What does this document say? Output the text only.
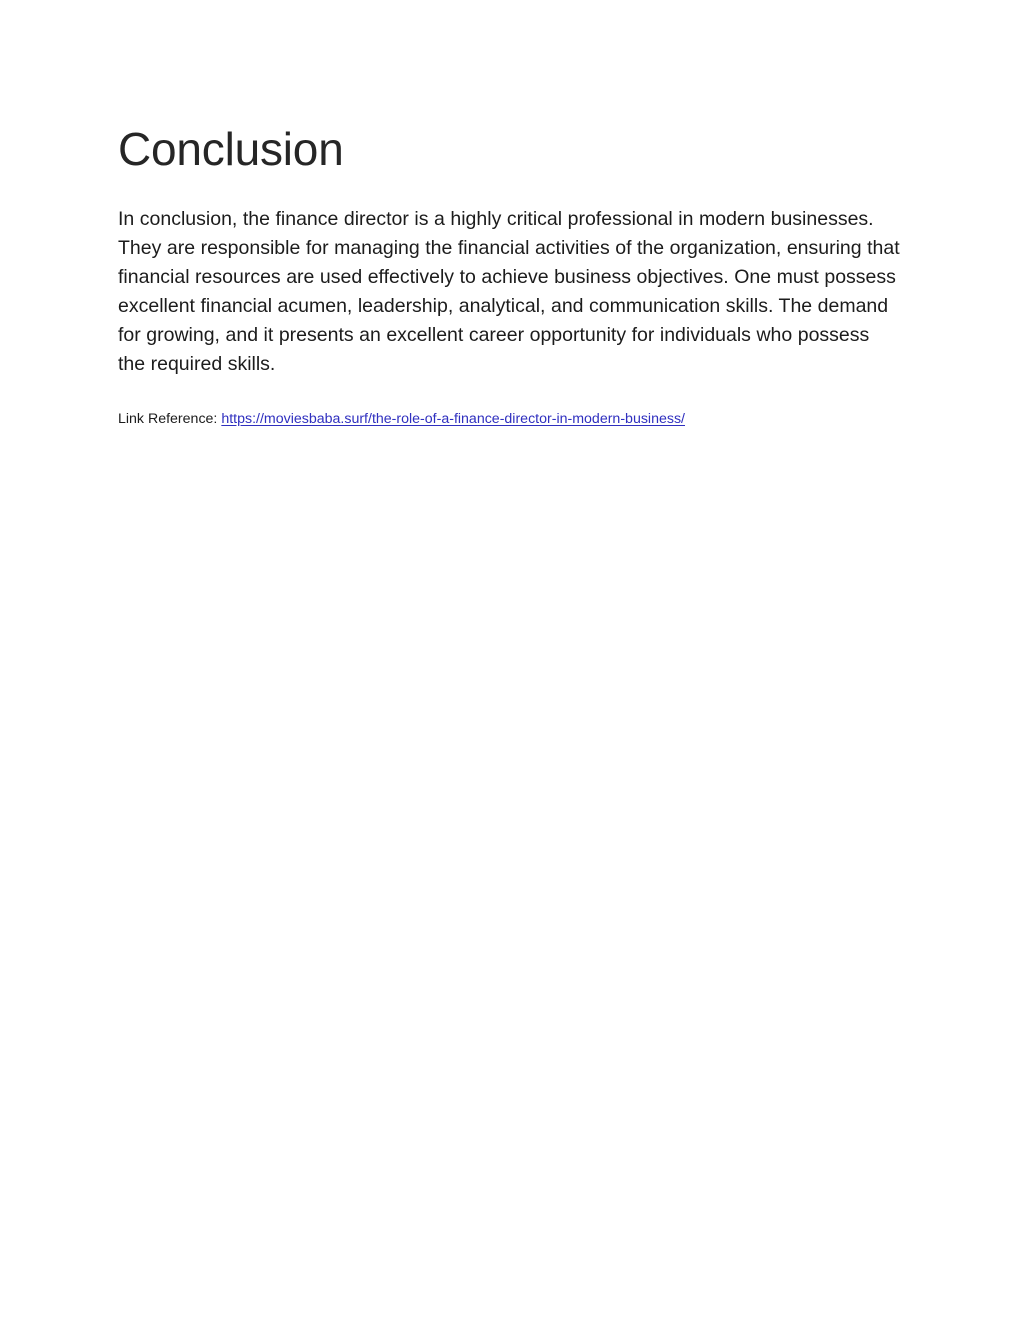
Conclusion

In conclusion, the finance director is a highly critical professional in modern businesses. They are responsible for managing the financial activities of the organization, ensuring that financial resources are used effectively to achieve business objectives. One must possess excellent financial acumen, leadership, analytical, and communication skills. The demand for growing, and it presents an excellent career opportunity for individuals who possess the required skills.

Link Reference: https://moviesbaba.surf/the-role-of-a-finance-director-in-modern-business/
